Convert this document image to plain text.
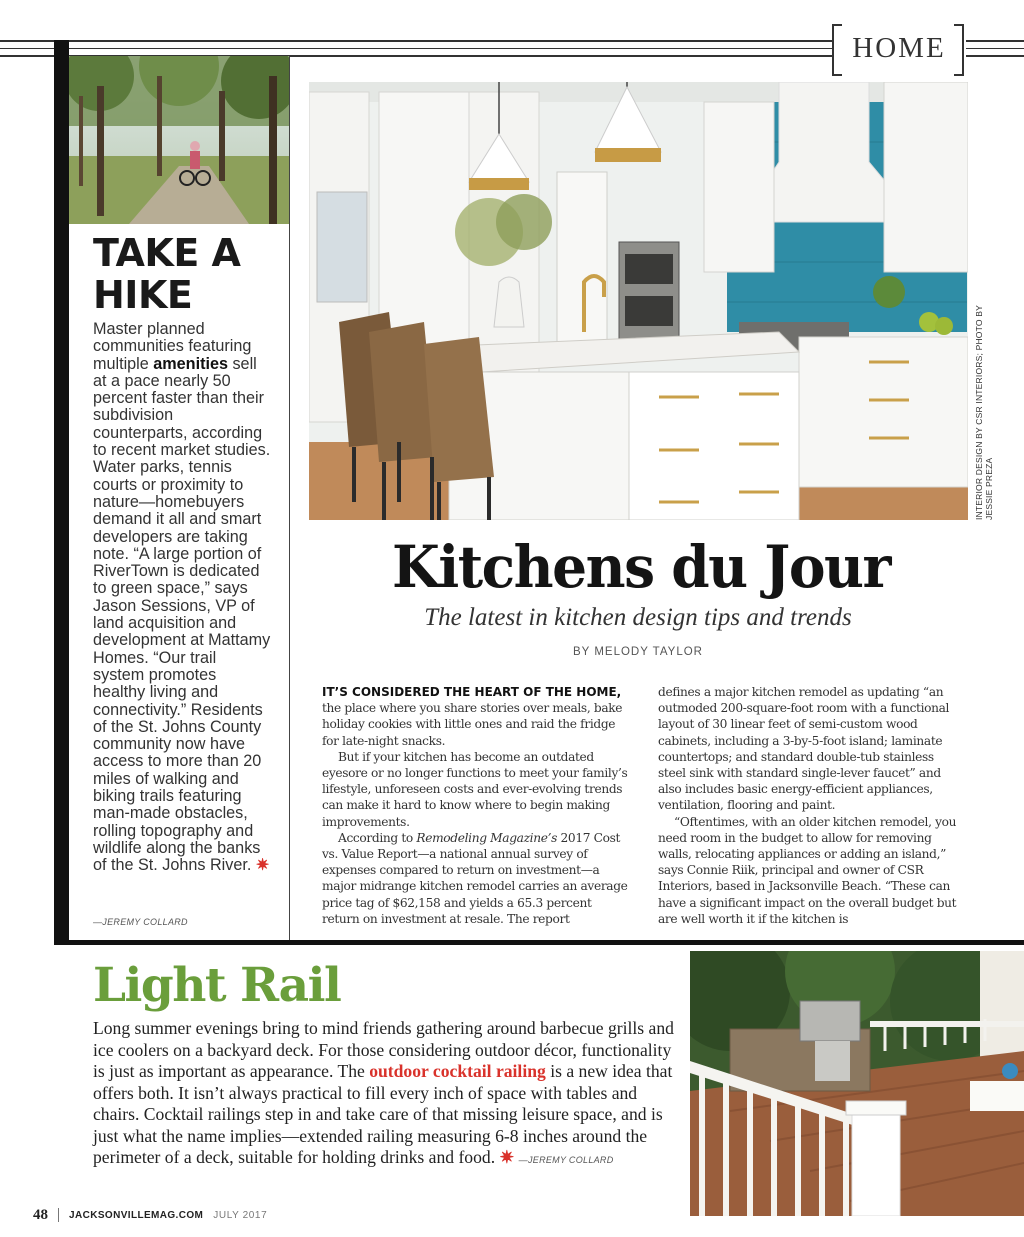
HOME
TAKE A HIKE
Master planned communities featuring multiple amenities sell at a pace nearly 50 percent faster than their subdivision counterparts, according to recent market studies. Water parks, tennis courts or proximity to nature—homebuyers demand it all and smart developers are taking note. “A large portion of RiverTown is dedicated to green space,” says Jason Sessions, VP of land acquisition and development at Mattamy Homes. “Our trail system promotes healthy living and connectivity.” Residents of the St. Johns County community now have access to more than 20 miles of walking and biking trails featuring man-made obstacles, rolling topography and wildlife along the banks of the St. Johns River. ✷
—JEREMY COLLARD
INTERIOR DESIGN BY CSR INTERIORS; PHOTO BY JESSIE PREZA
Kitchens du Jour
The latest in kitchen design tips and trends
BY MELODY TAYLOR
IT’S CONSIDERED THE HEART OF THE HOME, the place where you share stories over meals, bake holiday cookies with little ones and raid the fridge for late-night snacks.
But if your kitchen has become an outdated eyesore or no longer functions to meet your family’s lifestyle, unforeseen costs and ever-evolving trends can make it hard to know where to begin making improvements.
According to Remodeling Magazine’s 2017 Cost vs. Value Report—a national annual survey of expenses compared to return on investment—a major midrange kitchen remodel carries an average price tag of $62,158 and yields a 65.3 percent return on investment at resale. The report
defines a major kitchen remodel as updating “an outmoded 200-square-foot room with a functional layout of 30 linear feet of semi-custom wood cabinets, including a 3-by-5-foot island; laminate countertops; and standard double-tub stainless steel sink with standard single-lever faucet” and also includes basic energy-efficient appliances, ventilation, flooring and paint.
“Oftentimes, with an older kitchen remodel, you need room in the budget to allow for removing walls, relocating appliances or adding an island,” says Connie Riik, principal and owner of CSR Interiors, based in Jacksonville Beach. “These can have a significant impact on the overall budget but are well worth it if the kitchen is
Light Rail
Long summer evenings bring to mind friends gathering around barbecue grills and ice coolers on a backyard deck. For those considering outdoor décor, functionality is just as important as appearance. The outdoor cocktail railing is a new idea that offers both. It isn’t always practical to fill every inch of space with tables and chairs. Cocktail railings step in and take care of that missing leisure space, and is just what the name implies—extended railing measuring 6-8 inches around the perimeter of a deck, suitable for holding drinks and food. ✷ —JEREMY COLLARD
48 JACKSONVILLEMAG.COM JULY 2017
